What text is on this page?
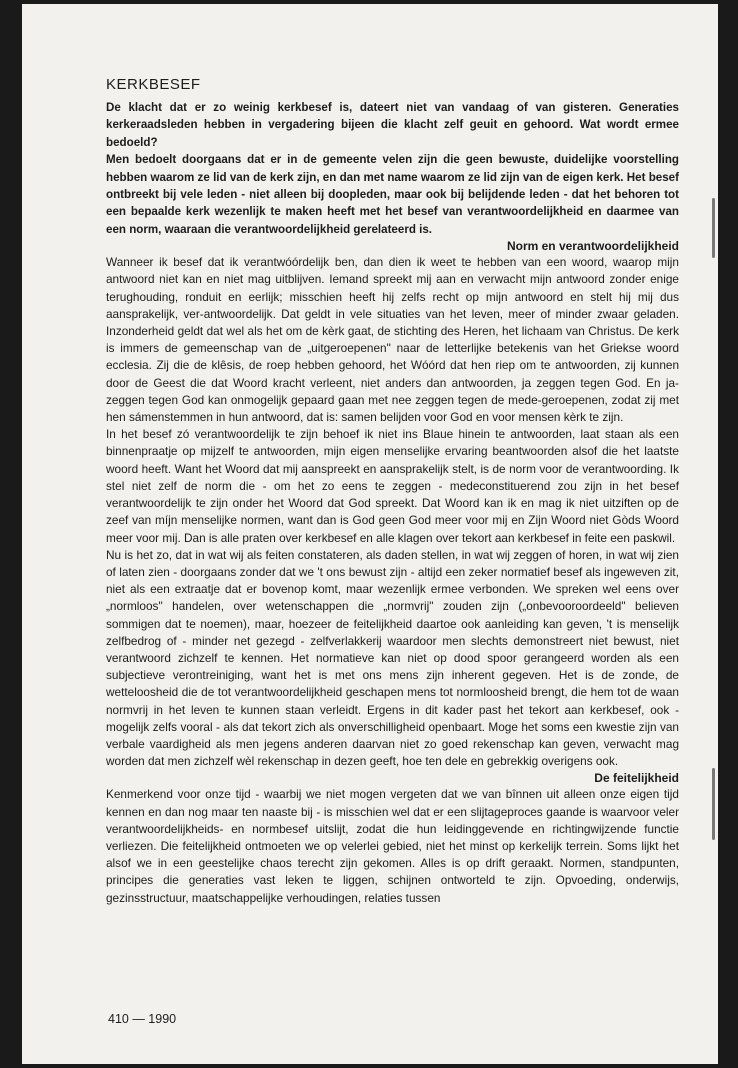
KERKBESEF

De klacht dat er zo weinig kerkbesef is, dateert niet van vandaag of van gisteren. Generaties kerkeraadsleden hebben in vergadering bijeen die klacht zelf geuit en gehoord. Wat wordt ermee bedoeld?

Men bedoelt doorgaans dat er in de gemeente velen zijn die geen bewuste, duidelijke voorstelling hebben waarom ze lid van de kerk zijn, en dan met name waarom ze lid zijn van de eigen kerk. Het besef ontbreekt bij vele leden - niet alleen bij doopleden, maar ook bij belijdende leden - dat het behoren tot een bepaalde kerk wezenlijk te maken heeft met het besef van verantwoordelijkheid en daarmee van een norm, waaraan die verantwoordelijkheid gerelateerd is.

Norm en verantwoordelijkheid

Wanneer ik besef dat ik verantwóórdelijk ben, dan dien ik weet te hebben van een woord, waarop mijn antwoord niet kan en niet mag uitblijven. Iemand spreekt mij aan en verwacht mijn antwoord zonder enige terughouding, ronduit en eerlijk; misschien heeft hij zelfs recht op mijn antwoord en stelt hij mij dus aansprakelijk, ver-antwoordelijk. Dat geldt in vele situaties van het leven, meer of minder zwaar geladen. Inzonderheid geldt dat wel als het om de kèrk gaat, de stichting des Heren, het lichaam van Christus. De kerk is immers de gemeenschap van de „uitgeroepenen" naar de letterlijke betekenis van het Griekse woord ecclesia. Zij die de klêsis, de roep hebben gehoord, het Wóórd dat hen riep om te antwoorden, zij kunnen door de Geest die dat Woord kracht verleent, niet anders dan antwoorden, ja zeggen tegen God. En ja-zeggen tegen God kan onmogelijk gepaard gaan met nee zeggen tegen de mede-geroepenen, zodat zij met hen sámenstemmen in hun antwoord, dat is: samen belijden voor God en voor mensen kèrk te zijn.

In het besef zó verantwoordelijk te zijn behoef ik niet ins Blaue hinein te antwoorden, laat staan als een binnenpraatje op mijzelf te antwoorden, mijn eigen menselijke ervaring beantwoorden alsof die het laatste woord heeft. Want het Woord dat mij aanspreekt en aansprakelijk stelt, is de norm voor de verantwoording. Ik stel niet zelf de norm die - om het zo eens te zeggen - medeconstituerend zou zijn in het besef verantwoordelijk te zijn onder het Woord dat God spreekt. Dat Woord kan ik en mag ik niet uitziften op de zeef van míjn menselijke normen, want dan is God geen God meer voor mij en Zijn Woord niet Gòds Woord meer voor mij. Dan is alle praten over kerkbesef en alle klagen over tekort aan kerkbesef in feite een paskwil.

Nu is het zo, dat in wat wij als feiten constateren, als daden stellen, in wat wij zeggen of horen, in wat wij zien of laten zien - doorgaans zonder dat we 't ons bewust zijn - altijd een zeker normatief besef als ingeweven zit, niet als een extraatje dat er bovenop komt, maar wezenlijk ermee verbonden. We spreken wel eens over „normloos" handelen, over wetenschappen die „normvrij" zouden zijn („onbevooroordeeld" believen sommigen dat te noemen), maar, hoezeer de feitelijkheid daartoe ook aanleiding kan geven, 't is menselijk zelfbedrog of - minder net gezegd - zelfverlakkerij waardoor men slechts demonstreert niet bewust, niet verantwoord zichzelf te kennen. Het normatieve kan niet op dood spoor gerangeerd worden als een subjectieve verontreiniging, want het is met ons mens zijn inherent gegeven. Het is de zonde, de wetteloosheid die de tot verantwoordelijkheid geschapen mens tot normloosheid brengt, die hem tot de waan normvrij in het leven te kunnen staan verleidt. Ergens in dit kader past het tekort aan kerkbesef, ook - mogelijk zelfs vooral - als dat tekort zich als onverschilligheid openbaart. Moge het soms een kwestie zijn van verbale vaardigheid als men jegens anderen daarvan niet zo goed rekenschap kan geven, verwacht mag worden dat men zichzelf wèl rekenschap in dezen geeft, hoe ten dele en gebrekkig overigens ook.

De feitelijkheid

Kenmerkend voor onze tijd - waarbij we niet mogen vergeten dat we van bînnen uit alleen onze eigen tijd kennen en dan nog maar ten naaste bij - is misschien wel dat er een slijtageproces gaande is waarvoor veler verantwoordelijkheids- en normbesef uitslijt, zodat die hun leidinggevende en richtingwijzende functie verliezen. Die feitelijkheid ontmoeten we op velerlei gebied, niet het minst op kerkelijk terrein. Soms lijkt het alsof we in een geestelijke chaos terecht zijn gekomen. Alles is op drift geraakt. Normen, standpunten, principes die generaties vast leken te liggen, schijnen ontworteld te zijn. Opvoeding, onderwijs, gezinsstructuur, maatschappelijke verhoudingen, relaties tussen

410 — 1990
